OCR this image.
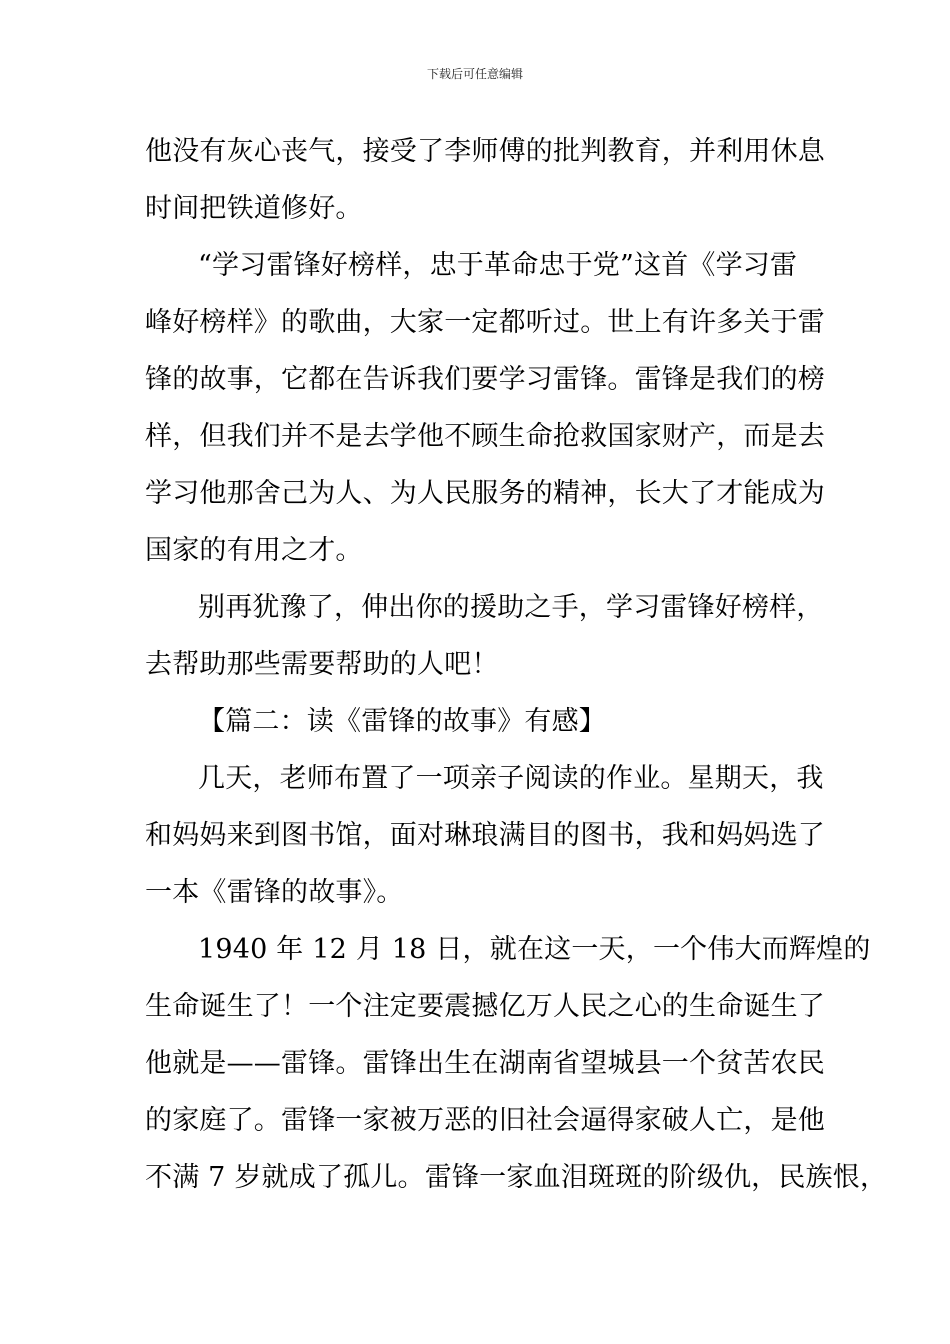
下载后可任意编辑
他没有灰心丧气，接受了李师傅的批判教育，并利用休息
时间把铁道修好。
“学习雷锋好榜样，忠于革命忠于党”这首《学习雷
峰好榜样》的歌曲，大家一定都听过。世上有许多关于雷
锋的故事，它都在告诉我们要学习雷锋。雷锋是我们的榜
样，但我们并不是去学他不顾生命抢救国家财产，而是去
学习他那舍己为人、为人民服务的精神，长大了才能成为
国家的有用之才。
别再犹豫了，伸出你的援助之手，学习雷锋好榜样，
去帮助那些需要帮助的人吧！
【篇二：读《雷锋的故事》有感】
几天，老师布置了一项亲子阅读的作业。星期天，我
和妈妈来到图书馆，面对琳琅满目的图书，我和妈妈选了
一本《雷锋的故事》。
1940 年 12 月 18 日，就在这一天，一个伟大而辉煌的
生命诞生了！一个注定要震撼亿万人民之心的生命诞生了
他就是——雷锋。雷锋出生在湖南省望城县一个贫苦农民
的家庭了。雷锋一家被万恶的旧社会逼得家破人亡，是他
不满 7 岁就成了孤儿。雷锋一家血泪斑斑的阶级仇，民族恨，
